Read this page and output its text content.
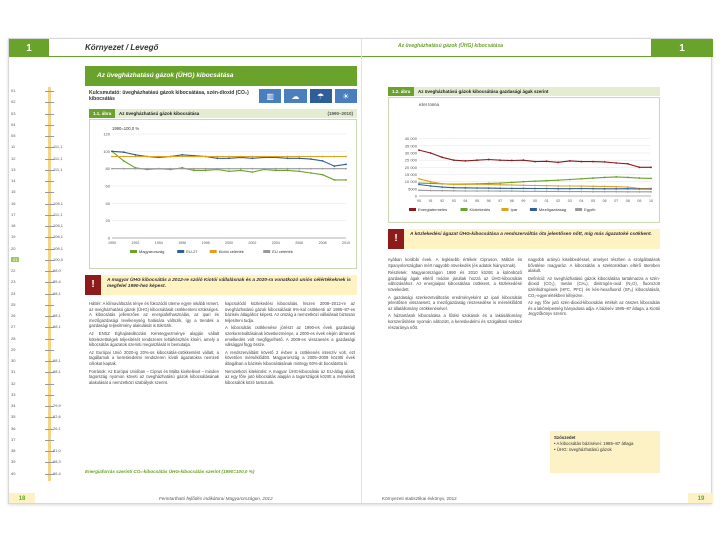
1	Környezet / Levegő
01
02
03
04
05
11	111,1
12	111,1
13	111,1
14
15
16	106,1
17	111,1
18	106,1
19	106,1
20	106,1
21	100,0
22	98,0
23	95,4
24	98,1
25
26	98,1
27	98,1
28
29
30	98,1
31	98,1
32
33
34	79,9
35	82,6
36	76,1
37
38	81,0
39	98,3
40	96,4
Az üvegházhatású gázok (ÜHG) kibocsátása
Kulcsmutató: üvegházhatású gázok kibocsátása, szén-dioxid (CO₂) kibocsátás	▥	☁	☂	☀
1.1. ábra	Az üvegházhatású gázok kibocsátása	(1990–2010)
0
20
40
60
80
100
120
1990=100,0 %
1990	1992	1994	1996	1998	2000	2002	2004	2006	2008	2010
Magyarország	EU-27	Kiotói célérték	EU célérték
!	A magyar ÜHG kibocsátás a 2012-re szóló Kiotói vállalásnak és a 2020-ra vonatkozó uniós célértékeknek is megfelel 1990-hez képest.

Háttér: A klímaváltozás ténye és fokozódó üteme egyre inkább ismert, az üvegházhatású gázok (ÜHG) kibocsátását csökkenteni szükséges. A kibocsátás jellemzően az energiafelhasználás, az ipari és mezőgazdasági tevékenység hatására változik, így a trendek a gazdasági teljesítmény alakulását is tükrözik.

Az ENSZ Éghajlatváltozási Keretegyezménye alapján vállalt kötelezettségek teljesítését rendszeres leltárkészítés kíséri, amely a kibocsátás ágazatok szerinti megoszlását is bemutatja.

Az Európai Unió 2020-ig 20%-os kibocsátás-csökkentést vállalt, a tagállamok a kereskedelmi rendszeren kívüli ágazatokra nemzeti célokat kaptak.

Források: Az Európai Unióban – Ciprus és Málta kivételével – minden tagország nyomon követi az üvegházhatású gázok kibocsátásának alakulását a nemzetközi szabályok szerint.

kapcsolódó közlekedési kibocsátás, hiszen 2008–2012-re az üvegházhatású gázok kibocsátását 6%-kal csökkenti az 1985–87-es bázisév átlagához képest. Az ország a nemzetközi vállalásait biztosan teljesíteni tudja.

A kibocsátás csökkenése jórészt az 1990-es évek gazdasági szerkezetváltásának következménye, a 2000-es évek elején átmeneti emelkedés volt megfigyelhető. A 2009-es visszaesés a gazdasági válsággal függ össze.

A rendszerváltást követő 2 évben a csökkenés intenzív volt, ezt követően mérséklődött. Magyarország a 2005–2009 közötti évek átlagában a bázisév kibocsátásának mintegy 60%-át bocsátotta ki.

Nemzetközi kitekintés: A magyar ÜHG-kibocsátás az EU-átlag alatti, az egy főre jutó kibocsátás alapján a tagországok között a mérsékelt kibocsátók közé tartozunk.

Energiaforrás szerinti CO₂-kibocsátás ÜHG-kibocsátás szerint (1990=100,0 %)
18	Fenntartható fejlődés indikátorai Magyarországon, 2012
Az üvegházhatású gázok (ÜHG) kibocsátása	1
1.2. ábra	Az üvegházhatású gázok kibocsátása gazdasági ágak szerint
0
5000
10 000
15 000
20 000
25 000
30 000
35 000
40 000
ezer tonna
90 91 92 93 94 95 96 97 98 99 00 01 02 03 04 05 06 07 08 09 10
Energiatermelés	Közlekedés	Ipar	Mezőgazdaság	Egyéb
!	A közlekedési ágazat ÜHG-kibocsátása a rendszerváltás óta jelentősen nőtt, míg más ágazatoké csökkent.

nyában korábbi évek. A legkisebb értékek Cipruson, Máltán és Spanyolországban mért nagyobb növekedés (és adatok hiányoznak).

Részletek: Magyarországon 1990 és 2010 között a különböző gazdasági ágak eltérő módon járultak hozzá az ÜHG-kibocsátás változásához. Az energiaipar kibocsátása csökkent, a közlekedésé növekedett.

A gazdasági szerkezetváltozás eredményeként az ipari kibocsátás jelentősen visszaesett, a mezőgazdaság részesedése is mérséklődött az állatállomány csökkenésével.

A háztartások kibocsátása a fűtési szokások és a lakásállomány korszerűsítése nyomán változott, a kereskedelmi és szolgáltató szektor részaránya nőtt.

nagyobb arányú kisebbedéssel, amelyet részben a szolgáltatások bővülése magyaráz. A kibocsátás a szektorokban eltérő ütemben alakult.

Definíció: Az üvegházhatású gázok kibocsátása tartalmazza a szén-dioxid (CO₂), metán (CH₄), dinitrogén-oxid (N₂O), fluorozott szénhidrogének (HFC, PFC) és kén-hexafluorid (SF₆) kibocsátását, CO₂-egyenértékben kifejezve.

Az egy főre jutó szén-dioxid-kibocsátás értékét az összes kibocsátás és a lakónépesség hányadosa adja. A bázisév 1985–87 átlaga, a Kiotói Jegyzőkönyv szerint.

Szószedet
• A kibocsátás bázisévei: 1985–87 átlaga
• ÜHG: üvegházhatású gázok
Környezeti statisztikai évkönyv, 2012	19
